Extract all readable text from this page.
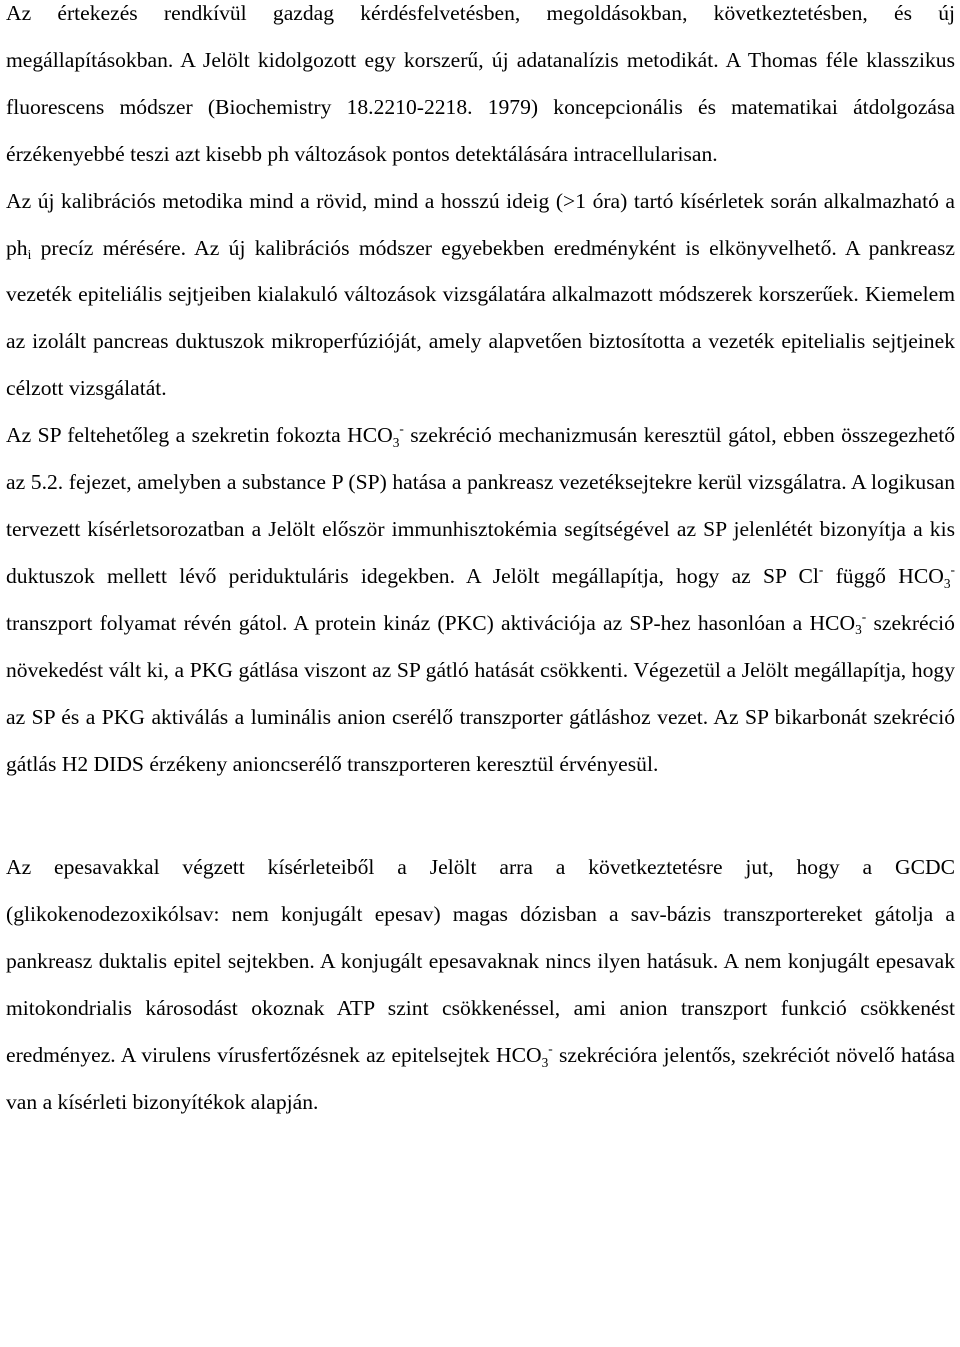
Az értekezés rendkívül gazdag kérdésfelvetésben, megoldásokban, következtetésben, és új megállapításokban. A Jelölt kidolgozott egy korszerű, új adatanalízis metodikát. A Thomas féle klasszikus fluorescens módszer (Biochemistry 18.2210-2218. 1979) koncepcionális és matematikai átdolgozása érzékenyebbé teszi azt kisebb ph változások pontos detektálására intracellularisan.

Az új kalibrációs metodika mind a rövid, mind a hosszú ideig (>1 óra) tartó kísérletek során alkalmazható a $ph_i$ precíz mérésére. Az új kalibrációs módszer egyebekben eredményként is elkönyvelhető. A pankreasz vezeték epiteliális sejtjeiben kialakuló változások vizsgálatára alkalmazott módszerek korszerűek. Kiemelem az izolált pancreas duktuszok mikroperfúzióját, amely alapvetően biztosította a vezeték epitelialis sejtjeinek célzott vizsgálatát.

Az SP feltehetőleg a szekretin fokozta $HCO_3^-$ szekréció mechanizmusán keresztül gátol, ebben összegezhető az 5.2. fejezet, amelyben a substance P (SP) hatása a pankreasz vezetéksejtekre kerül vizsgálatra. A logikusan tervezett kísérletsorozatban a Jelölt először immunhisztokémia segítségével az SP jelenlétét bizonyítja a kis duktuszok mellett lévő periduktuláris idegekben. A Jelölt megállapítja, hogy az SP Cl- függő $HCO_3^-$ transzport folyamat révén gátol. A protein kináz (PKC) aktivációja az SP-hez hasonlóan a $HCO_3^-$ szekréció növekedést vált ki, a PKG gátlása viszont az SP gátló hatását csökkenti. Végezetül a Jelölt megállapítja, hogy az SP és a PKG aktiválás a luminális anion cserélő transzporter gátláshoz vezet. Az SP bikarbonát szekréció gátlás H2 DIDS érzékeny anioncserélő transzporteren keresztül érvényesül.

Az epesavakkal végzett kísérleteiből a Jelölt arra a következtetésre jut, hogy a GCDC (glikokenodezoxikólsav: nem konjugált epesav) magas dózisban a sav-bázis transzportereket gátolja a pankreasz duktalis epitel sejtekben. A konjugált epesavaknak nincs ilyen hatásuk. A nem konjugált epesavak mitokondrialis károsodást okoznak ATP szint csökkenéssel, ami anion transzport funkció csökkenést eredményez. A virulens vírusfertőzésnek az epitelsejtek $HCO_3^-$ szekrécióra jelentős, szekréciót növelő hatása van a kísérleti bizonyítékok alapján.
